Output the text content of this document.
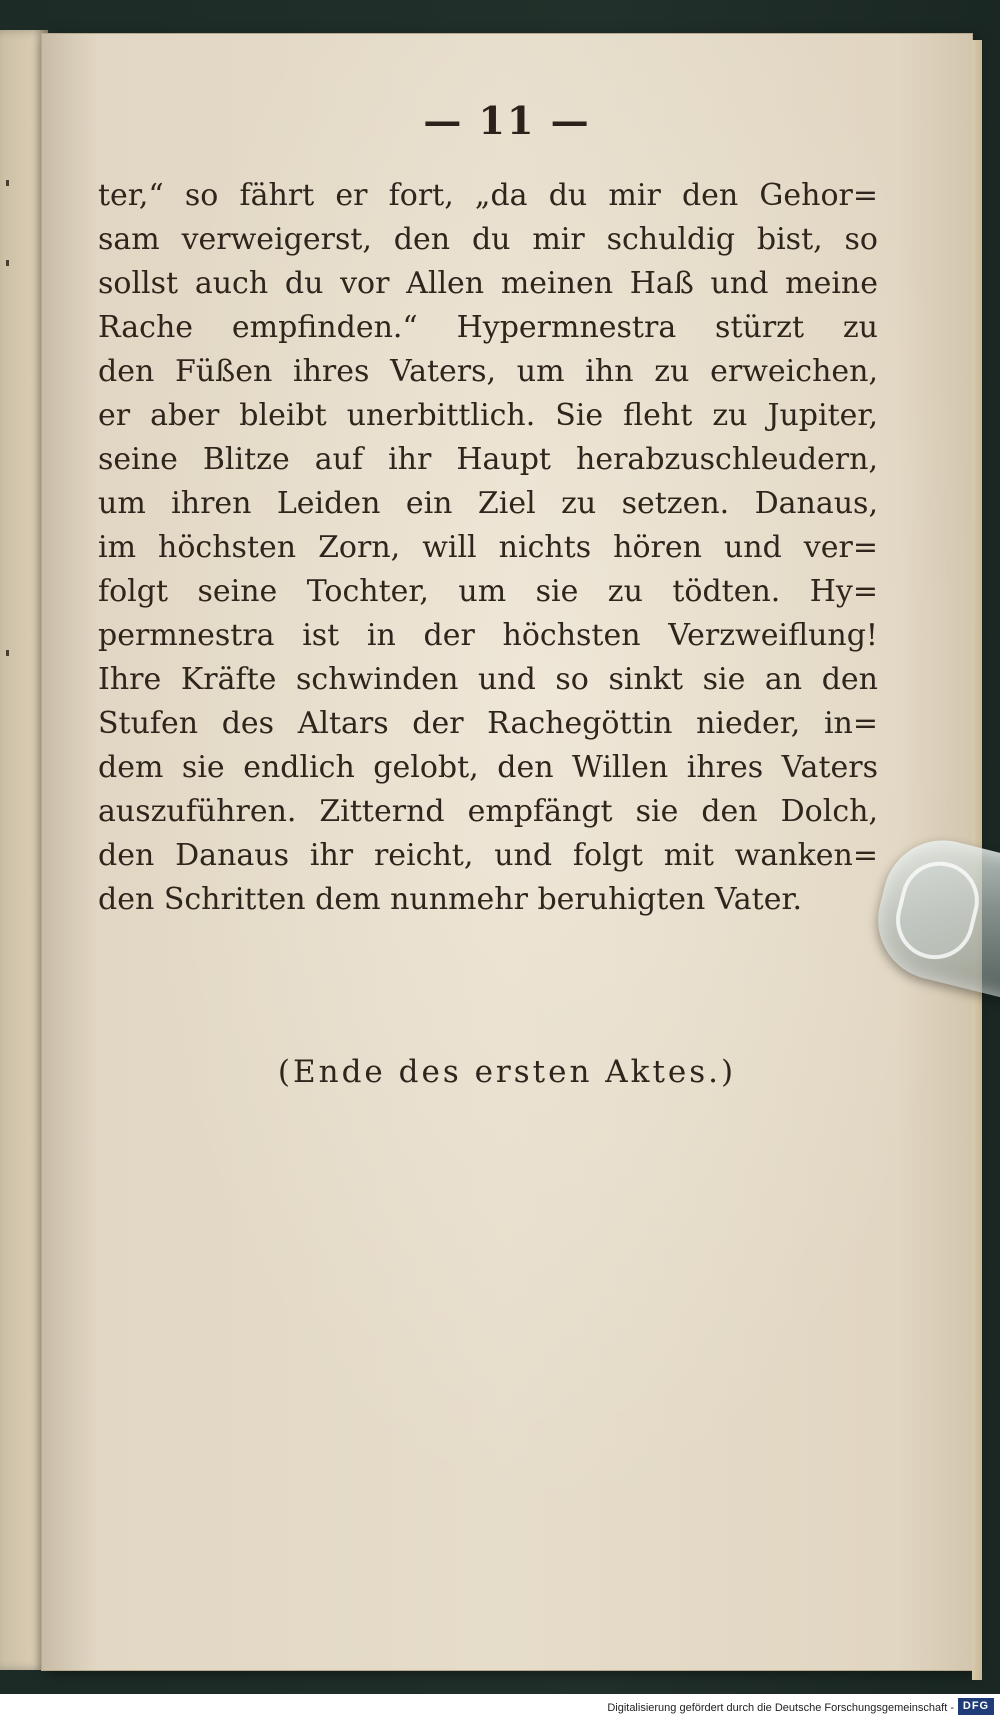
— 11 —
ter,“ so fährt er fort, „da du mir den Gehor=
sam verweigerst, den du mir schuldig bist, so
sollst auch du vor Allen meinen Haß und meine
Rache empfinden.“ Hypermnestra stürzt zu
den Füßen ihres Vaters, um ihn zu erweichen,
er aber bleibt unerbittlich. Sie fleht zu Jupiter,
seine Blitze auf ihr Haupt herabzuschleudern,
um ihren Leiden ein Ziel zu setzen. Danaus,
im höchsten Zorn, will nichts hören und ver=
folgt seine Tochter, um sie zu tödten. Hy=
permnestra ist in der höchsten Verzweiflung!
Ihre Kräfte schwinden und so sinkt sie an den
Stufen des Altars der Rachegöttin nieder, in=
dem sie endlich gelobt, den Willen ihres Vaters
auszuführen. Zitternd empfängt sie den Dolch,
den Danaus ihr reicht, und folgt mit wanken=
den Schritten dem nunmehr beruhigten Vater.
(Ende des ersten Aktes.)
Digitalisierung gefördert durch die Deutsche Forschungsgemeinschaft - DFG
